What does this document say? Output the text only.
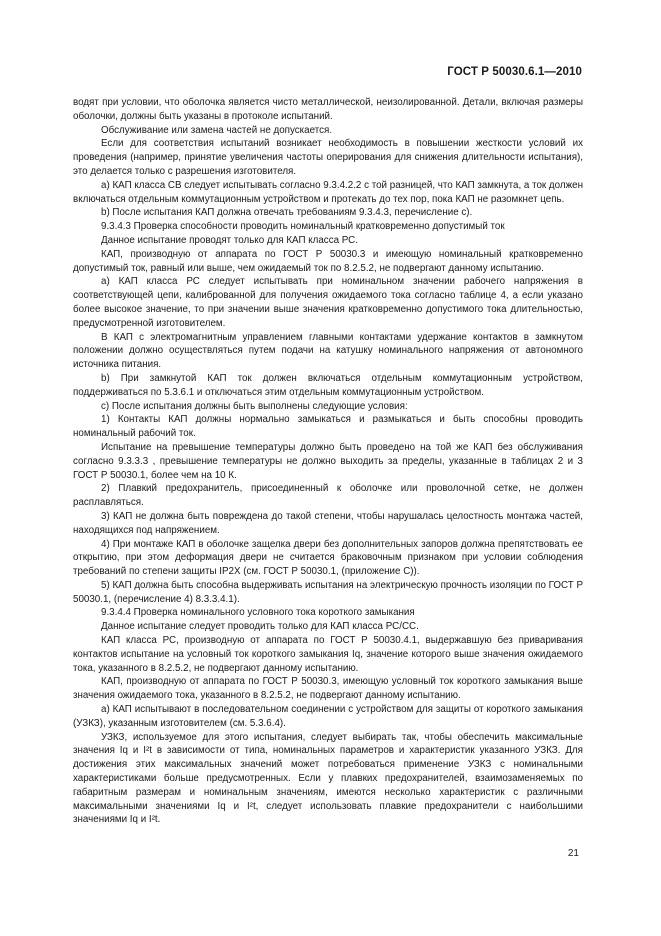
ГОСТ Р 50030.6.1—2010

водят при условии, что оболочка является чисто металлической, неизолированной. Детали, включая размеры оболочки, должны быть указаны в протоколе испытаний.

Обслуживание или замена частей не допускается.

Если для соответствия испытаний возникает необходимость в повышении жесткости условий их проведения (например, принятие увеличения частоты оперирования для снижения длительности испытания), это делается только с разрешения изготовителя.

a) КАП класса СВ следует испытывать согласно 9.3.4.2.2 с той разницей, что КАП замкнута, а ток должен включаться отдельным коммутационным устройством и протекать до тех пор, пока КАП не разомкнет цепь.

b) После испытания КАП должна отвечать требованиям 9.3.4.3, перечисление с).

9.3.4.3 Проверка способности проводить номинальный кратковременно допустимый ток

Данное испытание проводят только для КАП класса РС.

КАП, производную от аппарата по ГОСТ Р 50030.3 и имеющую номинальный кратковременно допустимый ток, равный или выше, чем ожидаемый ток по 8.2.5.2, не подвергают данному испытанию.

a) КАП класса РС следует испытывать при номинальном значении рабочего напряжения в соответствующей цепи, калиброванной для получения ожидаемого тока согласно таблице 4, а если указано более высокое значение, то при значении выше значения кратковременно допустимого тока длительностью, предусмотренной изготовителем.

В КАП с электромагнитным управлением главными контактами удержание контактов в замкнутом положении должно осуществляться путем подачи на катушку номинального напряжения от автономного источника питания.

b) При замкнутой КАП ток должен включаться отдельным коммутационным устройством, поддерживаться по 5.3.6.1 и отключаться этим отдельным коммутационным устройством.

c) После испытания должны быть выполнены следующие условия:

1) Контакты КАП должны нормально замыкаться и размыкаться и быть способны проводить номинальный рабочий ток.

Испытание на превышение температуры должно быть проведено на той же КАП без обслуживания согласно 9.3.3.3 , превышение температуры не должно выходить за пределы, указанные в таблицах 2 и 3 ГОСТ Р 50030.1, более чем на 10 К.

2) Плавкий предохранитель, присоединенный к оболочке или проволочной сетке, не должен расплавляться.

3) КАП не должна быть повреждена до такой степени, чтобы нарушалась целостность монтажа частей, находящихся под напряжением.

4) При монтаже КАП в оболочке защелка двери без дополнительных запоров должна препятствовать ее открытию, при этом деформация двери не считается браковочным признаком при условии соблюдения требований по степени защиты IP2X (см. ГОСТ Р 50030.1, (приложение С)).

5) КАП должна быть способна выдерживать испытания на электрическую прочность изоляции по ГОСТ Р 50030.1, (перечисление 4) 8.3.3.4.1).

9.3.4.4 Проверка номинального условного тока короткого замыкания

Данное испытание следует проводить только для КАП класса РС/СС.

КАП класса РС, производную от аппарата по ГОСТ Р 50030.4.1, выдержавшую без приваривания контактов испытание на условный ток короткого замыкания Iq, значение которого выше значения ожидаемого тока, указанного в 8.2.5.2, не подвергают данному испытанию.

КАП, производную от аппарата по ГОСТ Р 50030.3, имеющую условный ток короткого замыкания выше значения ожидаемого тока, указанного в 8.2.5.2, не подвергают данному испытанию.

a) КАП испытывают в последовательном соединении с устройством для защиты от короткого замыкания (УЗКЗ), указанным изготовителем (см. 5.3.6.4).

УЗКЗ, используемое для этого испытания, следует выбирать так, чтобы обеспечить максимальные значения Iq и I²t в зависимости от типа, номинальных параметров и характеристик указанного УЗКЗ. Для достижения этих максимальных значений может потребоваться применение УЗКЗ с номинальными характеристиками больше предусмотренных. Если у плавких предохранителей, взаимозаменяемых по габаритным размерам и номинальным значениям, имеются несколько характеристик с различными максимальными значениями Iq и I²t, следует использовать плавкие предохранители с наибольшими значениями Iq и I²t.

21
